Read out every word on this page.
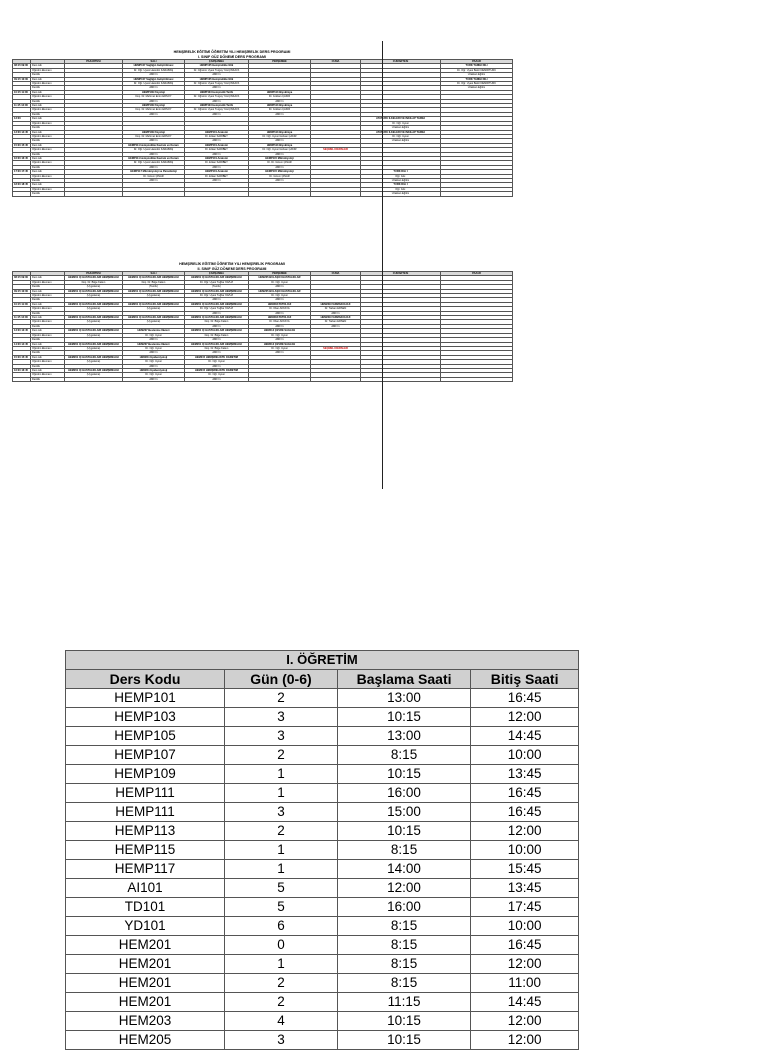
HEMŞİRELİK EĞİTİMİ ÖĞRETİM YILI HEMŞİRELİK DERS PROGRAMI
I. SINIF GÜZ DÖNEMİ DERS PROGRAMI
		PAZARTESİ	SALI	ÇARŞAMBA	PERŞEMBE	CUMA	CUMARTESİ	PAZAR
08:15 09:00	Ders Adı		HEMP107 Sağlığın Geliştirilmesi	HEMP105 Hemşirelikte Etik				TÜRK TARİHİ DİLİ
	Öğretim Elemanı		Dr. Öğr. Üyesi Hacettin KARABAŞ	Dr. Öğretim Üyesi Turgay YALÇINKAYA				Dr. Öğr. Üyesi Bekir DEMİRTÜRK
	Derslik		AMFİ 1	AMFİ 1				Uzaktan Eğitim
09:15 10:00	Ders Adı		HEMP107 Sağlığın Geliştirilmesi	HEMP105 Hemşirelikte Etik				TÜRK TARİHİ DİLİ
	Öğretim Elemanı		Dr. Öğr. Üyesi Hacettin KARABAŞ	Dr. Öğretim Üyesi Turgay YALÇINKAYA				Dr. Öğr. Üyesi Bekir DEMİRTÜRK
	Derslik		AMFİ 1	AMFİ 1				Uzaktan Eğitim
10:15 11:00	Ders Adı		HEMP109 Fizyoloji	HEMP103 Hemşirelik Tarihi	HEMP113 Biyokimya			
	Öğretim Elemanı		Doç. Dr. Mehmet Emin ERSOY	Dr. Öğretim Üyesi Turgay YALÇINKAYA	Dr. Gürkan ÇAKIR			
	Derslik		AMFİ 1	AMFİ 1	AMFİ 1			
11:15 12:00	Ders Adı		HEMP109 Fizyoloji	HEMP103 Hemşirelik Tarihi	HEMP113 Biyokimya			
	Öğretim Elemanı		Doç. Dr. Mehmet Emin ERSOY	Dr. Öğretim Üyesi Turgay YALÇINKAYA	Dr. Gürkan ÇAKIR			
	Derslik		AMFİ 1	AMFİ 1	AMFİ 1			
13:00	Ders Adı						ATATÜRK İLKELERİ VE İNKILAP TARİHİ	
	Öğretim Elemanı						Dr. Öğr. Üyesi	
	Derslik						Uzaktan Eğitim	
13:00 14:45	Ders Adı		HEMP109 Fizyoloji	HEMP101 Anatomi	HEMP113 Biyokimya		ATATÜRK İLKELERİ VE İNKILAP TARİHİ	
	Öğretim Elemanı		Doç. Dr. Mehmet Emin ERSOY	Dr. Erkan SARIBEY	Dr. Öğr. Üyesi Gürkan ÇAKIR		Dr. Öğr. Üyesi	
	Derslik		AMFİ 1	AMFİ 1	AMFİ 1		Uzaktan Eğitim	
15:00 15:45	Ders Adı		HEMP111 Hemşirelikte Kavram ve Kuram	HEMP101 Anatomi	HEMP113 Biyokimya			
	Öğretim Elemanı		Dr. Öğr. Üyesi Hacettin KARABAŞ	Dr. Erkan SARIBEY	Dr. Öğr. Üyesi Gürkan ÇAKIR	SEÇMELİ DERSLER		
	Derslik		AMFİ 1	AMFİ 1	AMFİ 1			
16:00 16:45	Ders Adı		HEMP111 Hemşirelikte Kavram ve Kuram	HEMP101 Anatomi	HEMP115 Mikrobiyoloji			
	Öğretim Elemanı		Dr. Öğr. Üyesi Hacettin KARABAŞ	Dr. Erkan SARIBEY	Dr. Dr. Gizem ÇINAR			
	Derslik		AMFİ 1	AMFİ 1	AMFİ 1			
17:00 17:45	Ders Adı		HEMP117 Mikrobiyoloji ve Parazitoloji	HEMP101 Anatomi	HEMP115 Mikrobiyoloji		TÜRK DİLİ I	
	Öğretim Elemanı		Dr. Gizem ÇINAR	Dr. Erkan SARIBEY	Dr. Gizem ÇINAR		Öğr. Gör.	
	Derslik		AMFİ 1	AMFİ 1	AMFİ 1		Uzaktan Eğitim	
18:00 18:45	Ders Adı						TÜRK DİLİ I	
	Öğretim Elemanı						Öğr. Gör.	
	Derslik						Uzaktan Eğitim	
HEMŞİRELİK EĞİTİMİ ÖĞRETİM YILI HEMŞİRELİK PROGRAMI
II. SINIF GÜZ DÖNEMİ DERS PROGRAMI
		PAZARTESİ	SALI	ÇARŞAMBA	PERŞEMBE	CUMA	CUMARTESİ	PAZAR
08:15 09:00	Ders Adı	HEM201 İÇ HASTALIKLARI HEMŞİRELİĞİ	HEM201 İÇ HASTALIKLARI HEMŞİRELİĞİ	HEM201 İÇ HASTALIKLARI HEMŞİRELİĞİ	HEM205 BULAŞICI HASTALIKLAR			
	Öğretim Elemanı	Doç. Dr. Bilge Kalsın	Doç. Dr. Bilge Kalsın	Dr. Öğr. Üyesi Tuğba YAVUZ	Dr. Öğr. Üyesi			
	Derslik	(Uygulama)	(Teorik)	(Teorik)	AMFİ 1			
09:15 10:00	Ders Adı	HEM201 İÇ HASTALIKLARI HEMŞİRELİĞİ	HEM201 İÇ HASTALIKLARI HEMŞİRELİĞİ	HEM201 İÇ HASTALIKLARI HEMŞİRELİĞİ	HEM205 BULAŞICI HASTALIKLAR			
	Öğretim Elemanı	(Uygulama)	(Uygulama)	Dr. Öğr. Üyesi Tuğba YAVUZ	Dr. Öğr. Üyesi			
	Derslik			AMFİ 1	AMFİ 1			
10:15 11:00	Ders Adı	HEM201 İÇ HASTALIKLARI HEMŞİRELİĞİ	HEM201 İÇ HASTALIKLARI HEMŞİRELİĞİ	HEM201 İÇ HASTALIKLARI HEMŞİRELİĞİ	HEM203 PATOLOJİ	HEM209 FARMAKOLOJİ		
	Öğretim Elemanı	(Uygulama)	(Uygulama)	Dr. Öğr. Üyesi Tuğba YAVUZ	Dr. İlhan AKKAYA	Dr. Tarkan ERSEN		
	Derslik			AMFİ 1	AMFİ 1	AMFİ 1		
11:15 12:00	Ders Adı	HEM201 İÇ HASTALIKLARI HEMŞİRELİĞİ	HEM201 İÇ HASTALIKLARI HEMŞİRELİĞİ	HEM201 İÇ HASTALIKLARI HEMŞİRELİĞİ	HEM203 PATOLOJİ	HEM209 FARMAKOLOJİ		
	Öğretim Elemanı	(Uygulama)	(Uygulama)	Doç. Dr. Bilge Kalsın	Dr. İlhan AKKAYA	Dr. Tarkan ERSEN		
	Derslik			AMFİ 1	AMFİ 1	AMFİ 1		
13:00 13:45	Ders Adı	HEM201 İÇ HASTALIKLARI HEMŞİRELİĞİ	HEM207 Beslenme İlkeleri	HEM201 İÇ HASTALIKLARI HEMŞİRELİĞİ	HEM213 ÇEVRE SAĞLIĞI			
	Öğretim Elemanı	(Uygulama)	Dr. Öğr. Üyesi	Doç. Dr. Bilge Kalsın	Dr. Öğr. Üyesi			
	Derslik		AMFİ 1	AMFİ 1	AMFİ 1			
14:00 14:45	Ders Adı	HEM201 İÇ HASTALIKLARI HEMŞİRELİĞİ	HEM207 Beslenme İlkeleri	HEM201 İÇ HASTALIKLARI HEMŞİRELİĞİ	HEM213 ÇEVRE SAĞLIĞI			
	Öğretim Elemanı	(Uygulama)	Dr. Öğr. Üyesi	Doç. Dr. Bilge Kalsın	Dr. Öğr. Üyesi	SEÇMELİ DERSLER		
	Derslik		AMFİ 1	AMFİ 1	AMFİ 1			
15:00 15:45	Ders Adı	HEM201 İÇ HASTALIKLARI HEMŞİRELİĞİ	HEM211 Epidemiyoloji	HEM215 HEMŞİRELİKTE ÖĞRETİM				
	Öğretim Elemanı	(Uygulama)	Dr. Öğr. Üyesi	Dr. Öğr. Üyesi				
	Derslik		AMFİ 1	AMFİ 1				
16:00 16:45	Ders Adı	HEM201 İÇ HASTALIKLARI HEMŞİRELİĞİ	HEM211 Epidemiyoloji	HEM215 HEMŞİRELİKTE ÖĞRETİM				
	Öğretim Elemanı	(Uygulama)	Dr. Öğr. Üyesi	Dr. Öğr. Üyesi				
	Derslik		AMFİ 1	AMFİ 1				
I. ÖĞRETİM			
Ders Kodu	Gün (0-6)	Başlama Saati	Bitiş Saati
HEMP101	2	13:00	16:45
HEMP103	3	10:15	12:00
HEMP105	3	13:00	14:45
HEMP107	2	8:15	10:00
HEMP109	1	10:15	13:45
HEMP111	1	16:00	16:45
HEMP111	3	15:00	16:45
HEMP113	2	10:15	12:00
HEMP115	1	8:15	10:00
HEMP117	1	14:00	15:45
AI101	5	12:00	13:45
TD101	5	16:00	17:45
YD101	6	8:15	10:00
HEM201	0	8:15	16:45
HEM201	1	8:15	12:00
HEM201	2	8:15	11:00
HEM201	2	11:15	14:45
HEM203	4	10:15	12:00
HEM205	3	10:15	12:00
